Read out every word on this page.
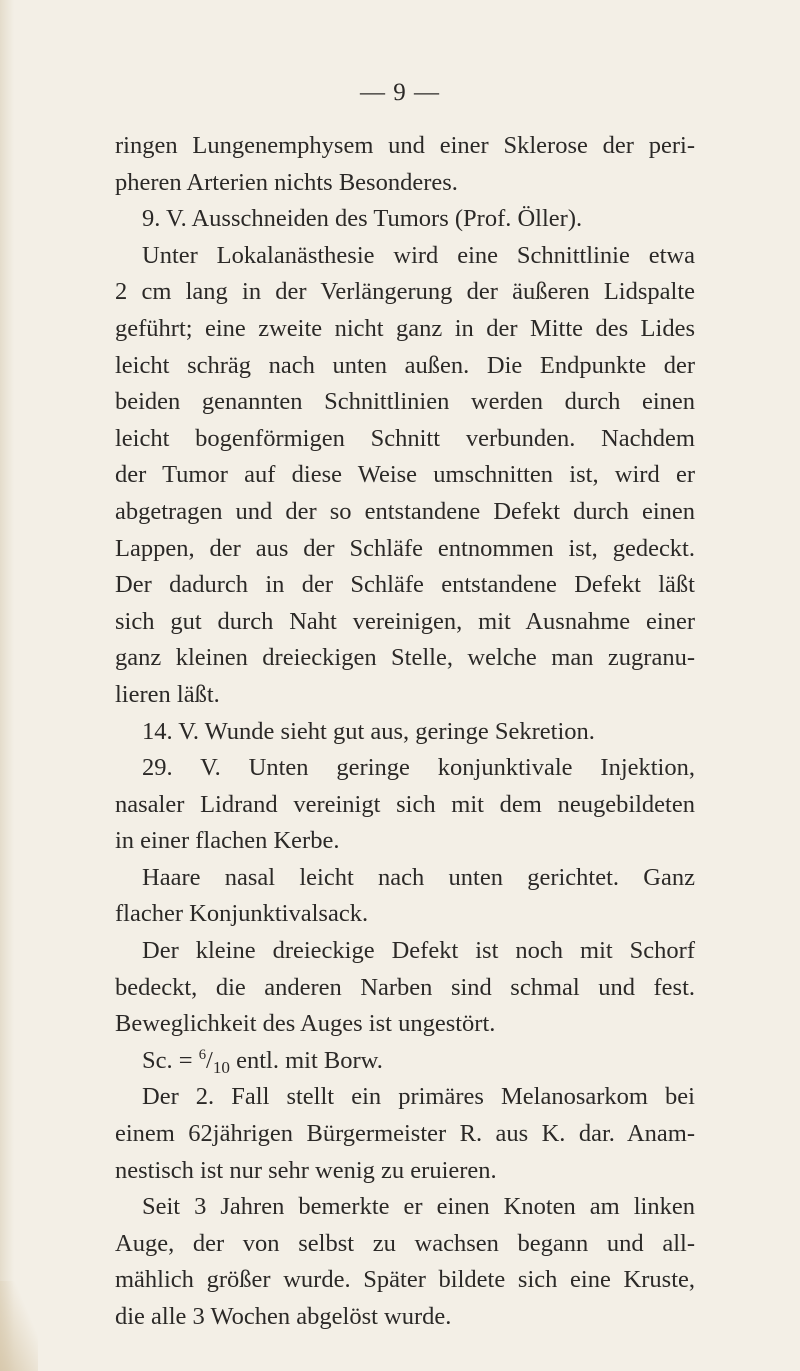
— 9 —
ringen Lungenemphysem und einer Sklerose der peri-
pheren Arterien nichts Besonderes.
9. V. Ausschneiden des Tumors (Prof. Öller).
Unter Lokalanästhesie wird eine Schnittlinie etwa
2 cm lang in der Verlängerung der äußeren Lidspalte
geführt; eine zweite nicht ganz in der Mitte des Lides
leicht schräg nach unten außen. Die Endpunkte der
beiden genannten Schnittlinien werden durch einen
leicht bogenförmigen Schnitt verbunden. Nachdem
der Tumor auf diese Weise umschnitten ist, wird er
abgetragen und der so entstandene Defekt durch einen
Lappen, der aus der Schläfe entnommen ist, gedeckt.
Der dadurch in der Schläfe entstandene Defekt läßt
sich gut durch Naht vereinigen, mit Ausnahme einer
ganz kleinen dreieckigen Stelle, welche man zugranu-
lieren läßt.
14. V. Wunde sieht gut aus, geringe Sekretion.
29. V. Unten geringe konjunktivale Injektion,
nasaler Lidrand vereinigt sich mit dem neugebildeten
in einer flachen Kerbe.
Haare nasal leicht nach unten gerichtet. Ganz
flacher Konjunktivalsack.
Der kleine dreieckige Defekt ist noch mit Schorf
bedeckt, die anderen Narben sind schmal und fest.
Beweglichkeit des Auges ist ungestört.
Sc. = $^6/_{10}$ entl. mit Borw.
Der 2. Fall stellt ein primäres Melanosarkom bei
einem 62jährigen Bürgermeister R. aus K. dar. Anam-
nestisch ist nur sehr wenig zu eruieren.
Seit 3 Jahren bemerkte er einen Knoten am linken
Auge, der von selbst zu wachsen begann und all-
mählich größer wurde. Später bildete sich eine Kruste,
die alle 3 Wochen abgelöst wurde.
